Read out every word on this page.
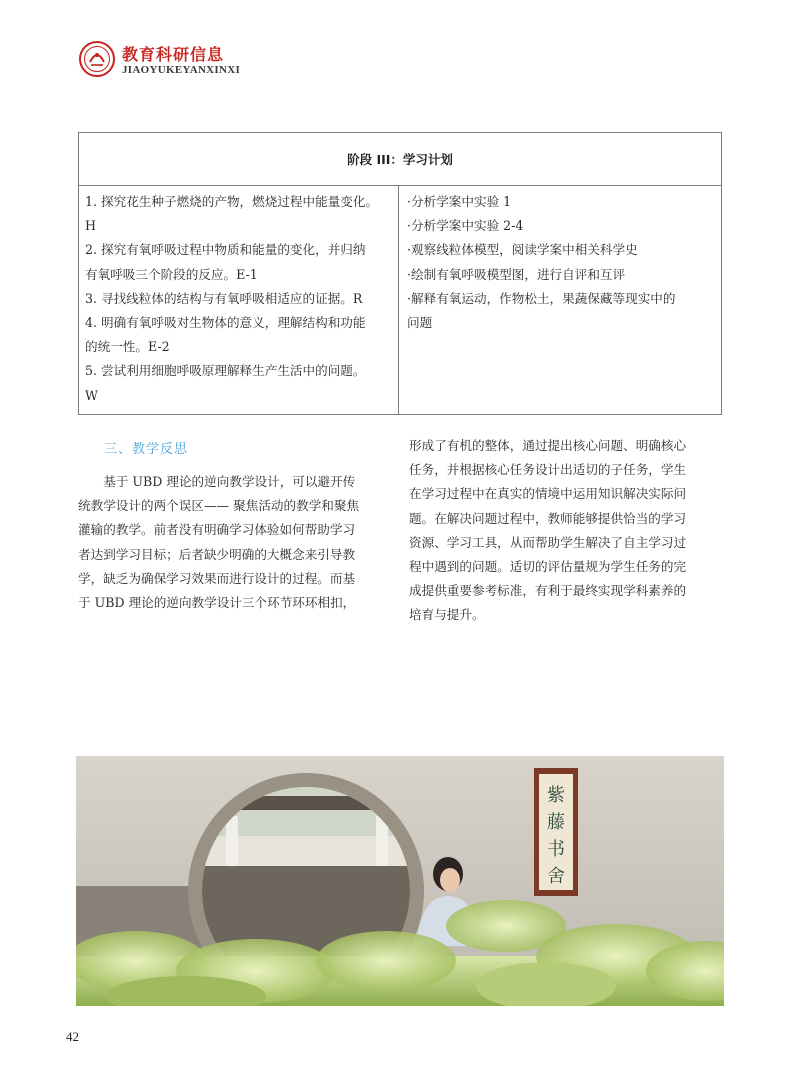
教育科研信息
JIAOYUKEYANXINXI
阶段 III：学习计划
1. 探究花生种子燃烧的产物，燃烧过程中能量变化。
H
2. 探究有氧呼吸过程中物质和能量的变化，并归纳
有氧呼吸三个阶段的反应。E-1
3. 寻找线粒体的结构与有氧呼吸相适应的证据。R
4. 明确有氧呼吸对生物体的意义，理解结构和功能
的统一性。E-2
5. 尝试利用细胞呼吸原理解释生产生活中的问题。
W
·分析学案中实验 1
·分析学案中实验 2-4
·观察线粒体模型，阅读学案中相关科学史
·绘制有氧呼吸模型图，进行自评和互评
·解释有氧运动，作物松土，果蔬保藏等现实中的
问题
三、教学反思
　　基于 UBD 理论的逆向教学设计，可以避开传
统教学设计的两个误区—— 聚焦活动的教学和聚焦
灌输的教学。前者没有明确学习体验如何帮助学习
者达到学习目标；后者缺少明确的大概念来引导教
学，缺乏为确保学习效果而进行设计的过程。而基
于 UBD 理论的逆向教学设计三个环节环环相扣，
形成了有机的整体，通过提出核心问题、明确核心
任务，并根据核心任务设计出适切的子任务，学生
在学习过程中在真实的情境中运用知识解决实际问
题。在解决问题过程中，教师能够提供恰当的学习
资源、学习工具，从而帮助学生解决了自主学习过
程中遇到的问题。适切的评估量规为学生任务的完
成提供重要参考标准，有利于最终实现学科素养的
培育与提升。
紫
藤
书
舍
42
